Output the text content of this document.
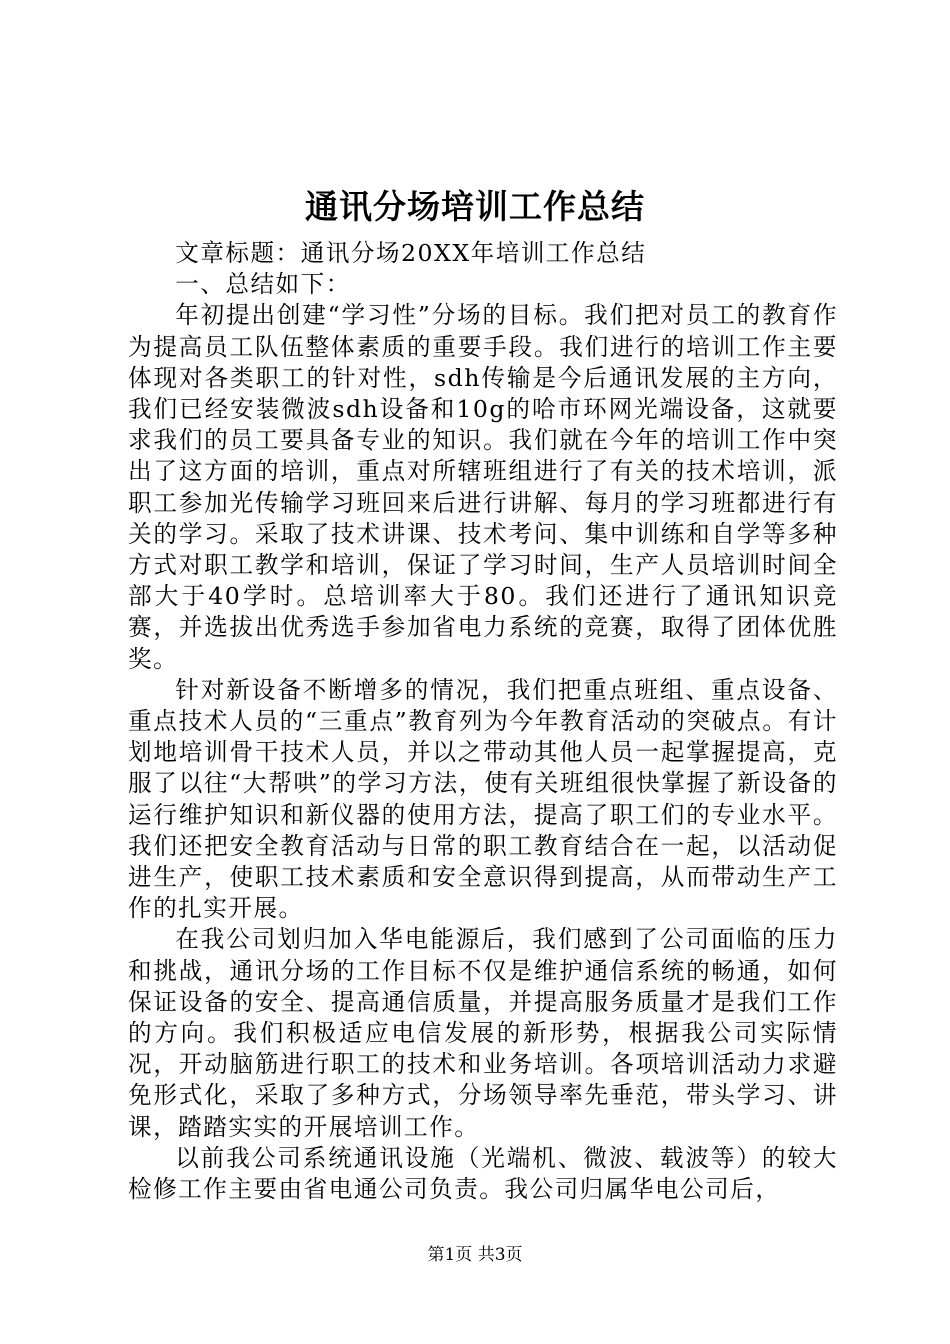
通讯分场培训工作总结

文章标题：通讯分场20XX年培训工作总结

一、总结如下：

年初提出创建“学习性”分场的目标。我们把对员工的教育作为提高员工队伍整体素质的重要手段。我们进行的培训工作主要体现对各类职工的针对性，sdh传输是今后通讯发展的主方向，我们已经安装微波sdh设备和10g的哈市环网光端设备，这就要求我们的员工要具备专业的知识。我们就在今年的培训工作中突出了这方面的培训，重点对所辖班组进行了有关的技术培训，派职工参加光传输学习班回来后进行讲解、每月的学习班都进行有关的学习。采取了技术讲课、技术考问、集中训练和自学等多种方式对职工教学和培训，保证了学习时间，生产人员培训时间全部大于40学时。总培训率大于80。我们还进行了通讯知识竞赛，并选拔出优秀选手参加省电力系统的竞赛，取得了团体优胜奖。

针对新设备不断增多的情况，我们把重点班组、重点设备、重点技术人员的“三重点”教育列为今年教育活动的突破点。有计划地培训骨干技术人员，并以之带动其他人员一起掌握提高，克服了以往“大帮哄”的学习方法，使有关班组很快掌握了新设备的运行维护知识和新仪器的使用方法，提高了职工们的专业水平。我们还把安全教育活动与日常的职工教育结合在一起，以活动促进生产，使职工技术素质和安全意识得到提高，从而带动生产工作的扎实开展。

在我公司划归加入华电能源后，我们感到了公司面临的压力和挑战，通讯分场的工作目标不仅是维护通信系统的畅通，如何保证设备的安全、提高通信质量，并提高服务质量才是我们工作的方向。我们积极适应电信发展的新形势，根据我公司实际情况，开动脑筋进行职工的技术和业务培训。各项培训活动力求避免形式化，采取了多种方式，分场领导率先垂范，带头学习、讲课，踏踏实实的开展培训工作。

以前我公司系统通讯设施（光端机、微波、载波等）的较大检修工作主要由省电通公司负责。我公司归属华电公司后，

第1页 共3页
